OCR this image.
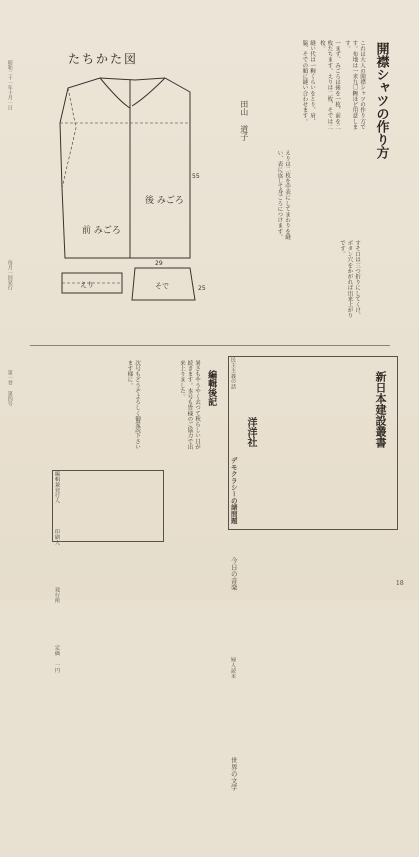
昭和二十一年十月一日
毎月一回発行
第一巻 第四号
たちかた図
後 みごろ
前 みごろ
えり	そで
55
29
25
開襟シャツの作り方
田山 道子	これは大人の開襟シャツの作り方です。布地は一米九〇糎ほど用意します。
一まず、みごろは後を一枚、前を二枚たちます。えりは二枚、そでは二枚。
縫い代は一糎くらいをとり、肩、脇、そでの順に縫い合わせます。
えりは二枚を中表にしてまわりを縫い、表に返して身ごろにつけます。
すそ口は三つ折りにしてくけ、ボタン穴をかがれば出来上がりです。
編輯後記
暑さもやうやく去つて秋らしい日が続きます。本号も皆様のご協力で出来上りました。
次号もどうぞよろしく御愛読下さいます様に。	新日本建設叢書
民主主義の話
デモクラシーの諸問題
今日の音楽
婦人読本
世界の文学
洋洋社
編輯兼発行人
印刷人
発行所
定価 一円
18
